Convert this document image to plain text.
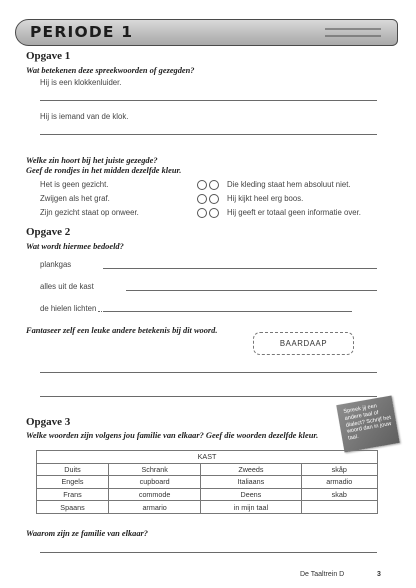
PERIODE 1
Opgave 1
Wat betekenen deze spreekwoorden of gezegden?
Hij is een klokkenluider.
Hij is iemand van de klok.
Welke zin hoort bij het juiste gezegde?
Geef de rondjes in het midden dezelfde kleur.
Het is geen gezicht.
Zwijgen als het graf.
Zijn gezicht staat op onweer.
Die kleding staat hem absoluut niet.
Hij kijkt heel erg boos.
Hij geeft er totaal geen informatie over.
Opgave 2
Wat wordt hiermee bedoeld?
plankgas
alles uit de kast
de hielen lichten
Fantaseer zelf een leuke andere betekenis bij dit woord.
BAARDAAP
Opgave 3
Welke woorden zijn volgens jou familie van elkaar? Geef die woorden dezelfde kleur.
Spreek jij een andere taal of dialect? Schrijf het woord dan in jouw taal.
KAST			
Duits	Schrank	Zweeds	skåp
Engels	cupboard	Italiaans	armadio
Frans	commode	Deens	skab
Spaans	armario	in mijn taal	
Waarom zijn ze familie van elkaar?
De Taaltrein D	3
